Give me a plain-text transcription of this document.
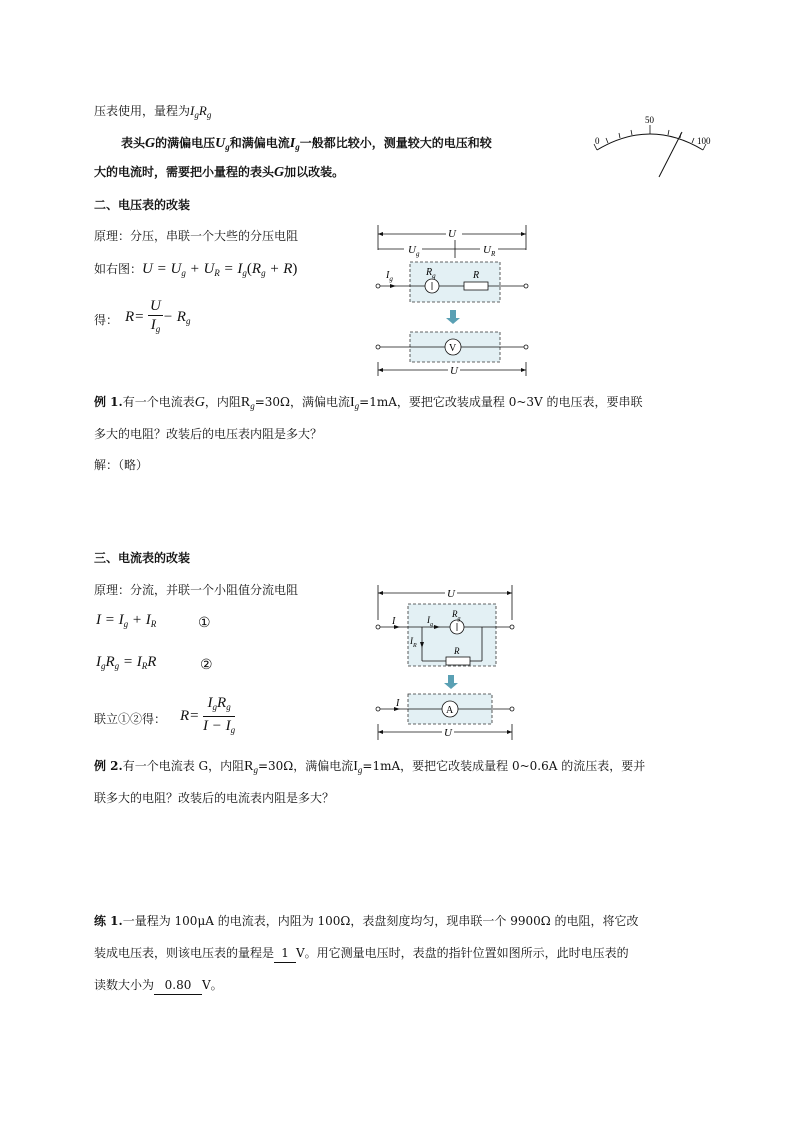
压表使用，量程为$I_gR_g$
表头G的满偏电压$U_g$和满偏电流$I_g$一般都比较小，测量较大的电压和较
大的电流时，需要把小量程的表头G加以改装。
0
50
100
二、电压表的改装
原理：分压，串联一个大些的分压电阻
如右图：$U = U_g + U_R = I_g(R_g + R)$
得： $R= \frac{U}{I_g} - R_g$
U
$U_g$	$U_R$
$I_g$
$R_g$	R
V
U
例 1.有一个电流表G，内阻$R_g=30\Omega$，满偏电流$I_g=1mA$，要把它改装成量程 0~3V 的电压表，要串联
多大的电阻？改装后的电压表内阻是多大？
解：（略）
三、电流表的改装
原理：分流，并联一个小阻值分流电阻
$I = I_g + I_R$	①
$I_gR_g = I_RR$	②
联立①②得： R=
$I_gR_g$
$I - I_g$
U
I	$I_g$
$R_g$
$I_R$	R
I
A
U
例 2.有一个电流表 G，内阻$R_g=30\Omega$，满偏电流$I_g=1mA$，要把它改装成量程 0~0.6A 的流压表，要并
联多大的电阻？改装后的电流表内阻是多大？
练 1.一量程为 100μA 的电流表，内阻为 100Ω，表盘刻度均匀，现串联一个 9900Ω 的电阻，将它改
装成电压表，则该电压表的量程是 1 V。用它测量电压时，表盘的指针位置如图所示，此时电压表的
读数大小为 0.80 V。
